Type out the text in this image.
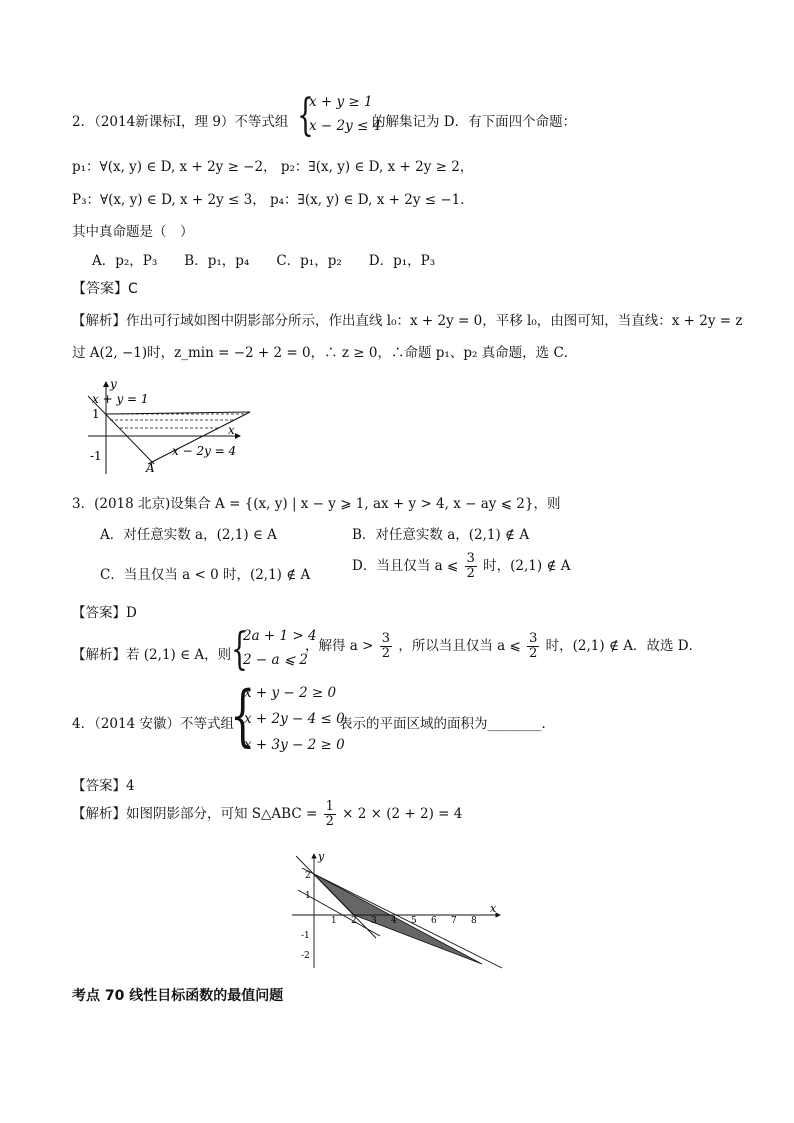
2．（2014新课标Ⅰ，理 9）不等式组 {
x + y ≥ 1
x − 2y ≤ 4
的解集记为 D．有下面四个命题：
p₁：∀(x, y) ∈ D, x + 2y ≥ −2， p₂：∃(x, y) ∈ D, x + 2y ≥ 2，
P₃：∀(x, y) ∈ D, x + 2y ≤ 3， p₄：∃(x, y) ∈ D, x + 2y ≤ −1．
其中真命题是（　）
A．p₂，P₃　　B．p₁，p₄　　C．p₁，p₂　　D．p₁，P₃
【答案】C
【解析】作出可行域如图中阴影部分所示，作出直线 l₀：x + 2y = 0，平移 l₀，由图可知，当直线：x + 2y = z
过 A(2, −1)时，z_min = −2 + 2 = 0，∴ z ≥ 0，∴命题 p₁、p₂ 真命题，选 C．
y
x
x + y = 1
x − 2y = 4
1
-1
A
3．(2018 北京)设集合 A = {(x, y) | x − y ⩾ 1, ax + y > 4, x − ay ⩽ 2}，则
A．对任意实数 a，(2,1) ∈ A	B．对任意实数 a，(2,1) ∉ A
C．当且仅当 a < 0 时，(2,1) ∉ A
D．当且仅当 a ⩽ $\frac{3}{2}$ 时，(2,1) ∉ A
【答案】D
【解析】若 (2,1) ∈ A，则 {
2a + 1 > 4
2 − a ⩽ 2
，解得 $a > \frac{3}{2}$ ，所以当且仅当 a ⩽ $\frac{3}{2}$ 时，(2,1) ∉ A．故选 D．
4．（2014 安徽）不等式组
{
x + y − 2 ≥ 0
x + 2y − 4 ≤ 0
x + 3y − 2 ≥ 0
表示的平面区域的面积为________．
【答案】4
【解析】如图阴影部分，可知 S△ABC = $\frac{1}{2} \times 2 \times (2 + 2) = 4$
1 2 3 4 5 6 7 8
2
1
-1
-2
y
x
考点 70 线性目标函数的最值问题
